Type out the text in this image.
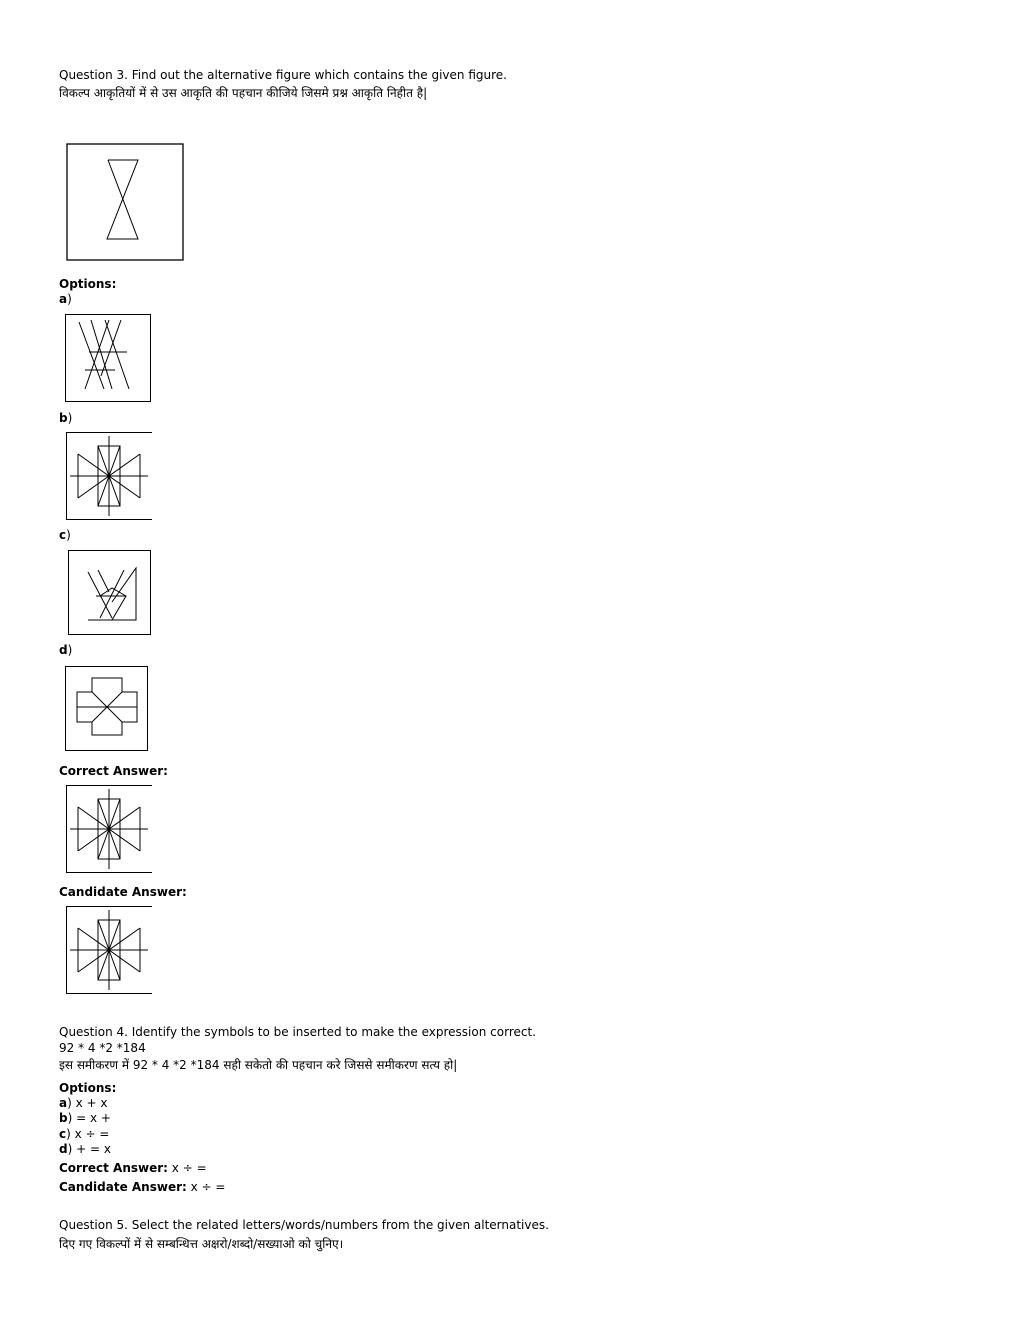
Question 3. Find out the alternative figure which contains the given figure.
विकल्प आकृतियों में से उस आकृति की पहचान कीजिये जिसमे प्रश्न आकृति निहीत है|
Options:
a)
b)
c)
d)
Correct Answer:
Candidate Answer:
Question 4. Identify the symbols to be inserted to make the expression correct.
92 * 4 *2 *184
इस समीकरण में 92 * 4 *2 *184 सही सकेतो की पहचान करे जिससे समीकरण सत्य हो|
Options:
a) x + x
b) = x +
c) x ÷ =
d) + = x
Correct Answer: x ÷ =
Candidate Answer: x ÷ =
Question 5. Select the related letters/words/numbers from the given alternatives.
दिए गए विकल्पों में से सम्बन्धित्त अक्षरो/शब्दो/सख्याओ को चुनिए।
